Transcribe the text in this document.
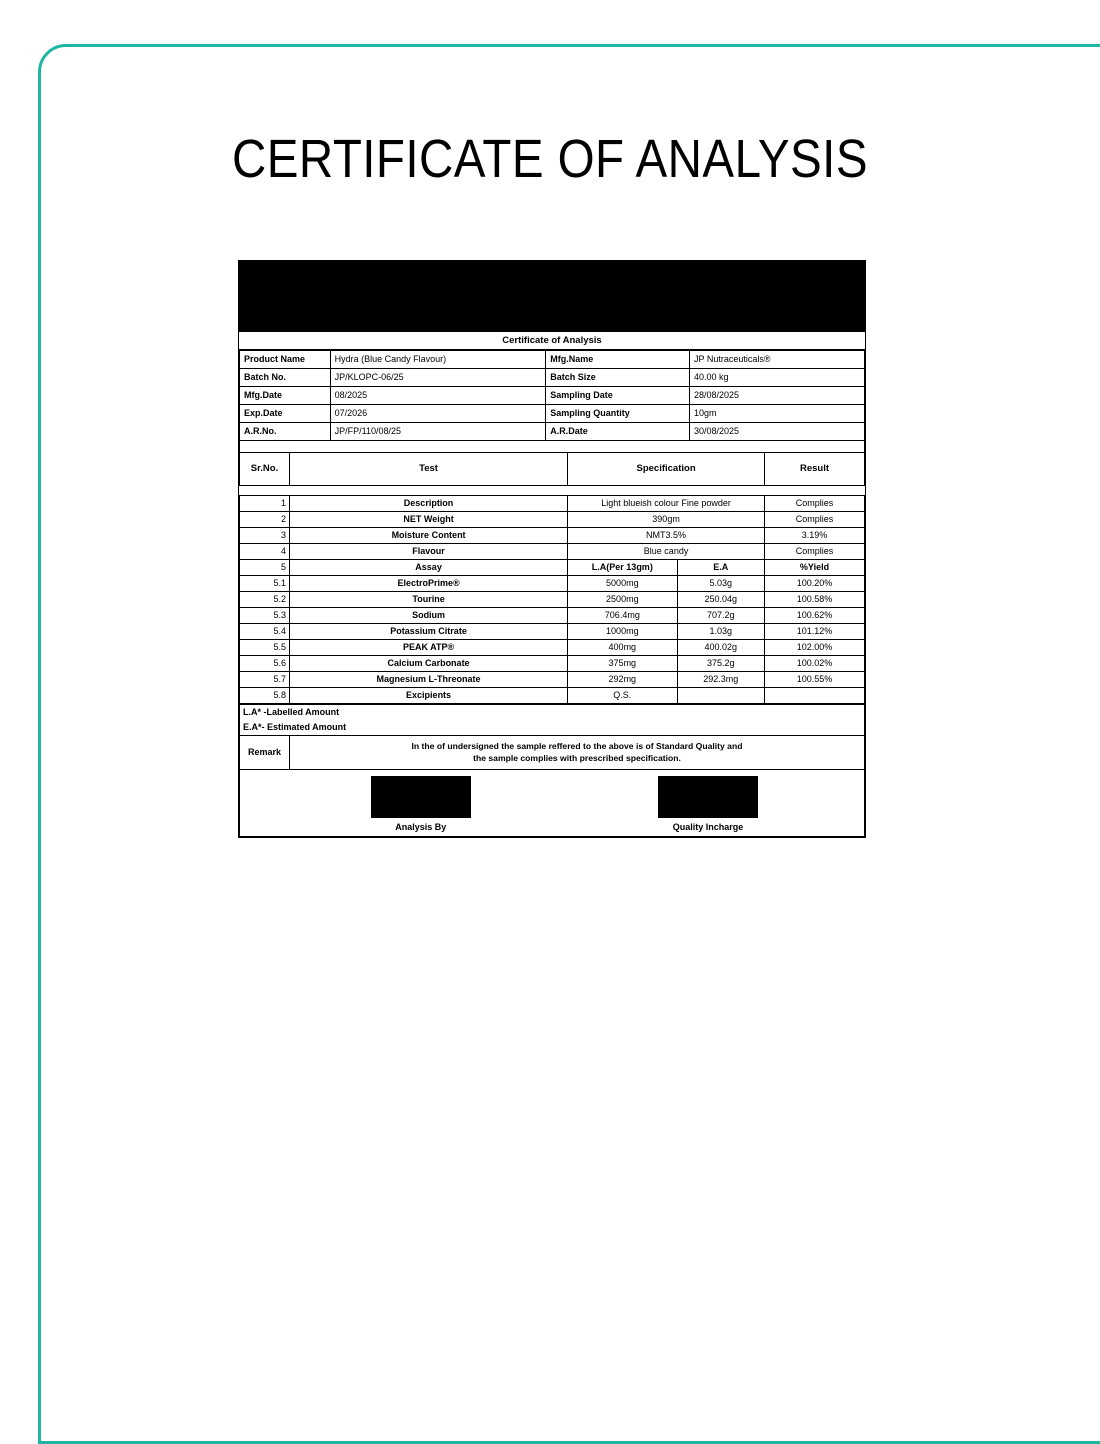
CERTIFICATE OF ANALYSIS
Certificate of Analysis
Product Name	Hydra (Blue Candy Flavour)	Mfg.Name	JP Nutraceuticals®
Batch No.	JP/KLOPC-06/25	Batch Size	40.00 kg
Mfg.Date	08/2025	Sampling Date	28/08/2025
Exp.Date	07/2026	Sampling Quantity	10gm
A.R.No.	JP/FP/110/08/25	A.R.Date	30/08/2025
Sr.No.	Test	Specification		Result

1	Description	Light blueish colour Fine powder		Complies
2	NET Weight	390gm		Complies
3	Moisture Content	NMT3.5%		3.19%
4	Flavour	Blue candy		Complies
5	Assay	L.A(Per 13gm)	E.A	%Yield
5.1	ElectroPrime®	5000mg	5.03g	100.20%
5.2	Tourine	2500mg	250.04g	100.58%
5.3	Sodium	706.4mg	707.2g	100.62%
5.4	Potassium Citrate	1000mg	1.03g	101.12%
5.5	PEAK ATP®	400mg	400.02g	102.00%
5.6	Calcium Carbonate	375mg	375.2g	100.02%
5.7	Magnesium L-Threonate	292mg	292.3mg	100.55%
5.8	Excipients	Q.S.		
L.A* -Labelled Amount		
E.A*- Estimated Amount		
Remark	In the of undersigned the sample reffered to the above is of Standard Quality and
the sample complies with prescribed specification.	

	Analysis By	Quality Incharge
